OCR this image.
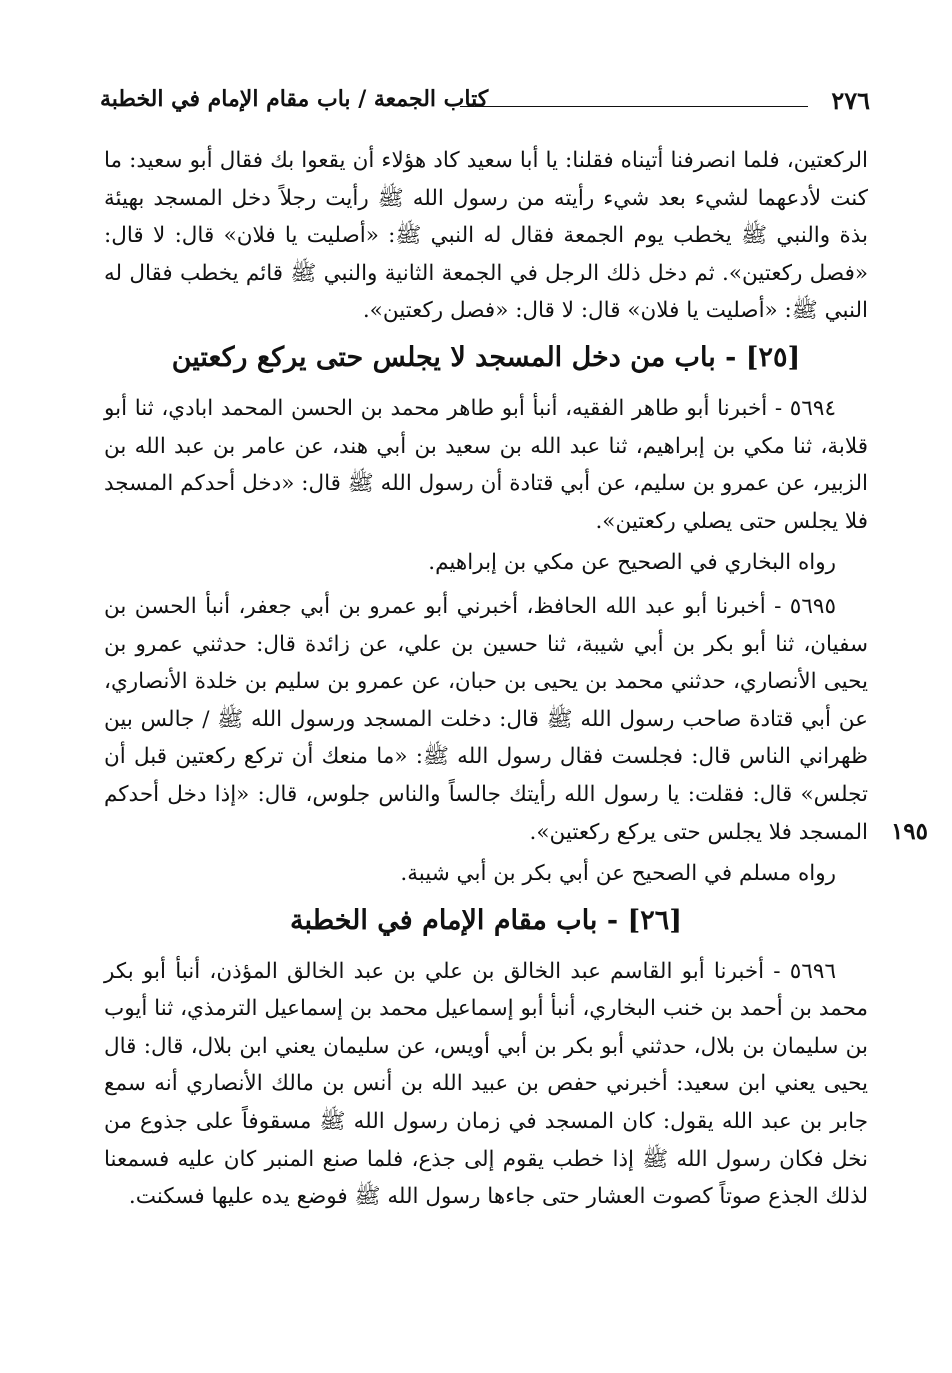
٢٧٦
كتاب الجمعة / باب مقام الإمام في الخطبة
١٩٥

الركعتين، فلما انصرفنا أتيناه فقلنا: يا أبا سعيد كاد هؤلاء أن يقعوا بك فقال أبو سعيد: ما كنت لأدعهما لشيء بعد شيء رأيته من رسول الله ﷺ رأيت رجلاً دخل المسجد بهيئة بذة والنبي ﷺ يخطب يوم الجمعة فقال له النبي ﷺ: «أصليت يا فلان» قال: لا قال: «فصل ركعتين». ثم دخل ذلك الرجل في الجمعة الثانية والنبي ﷺ قائم يخطب فقال له النبي ﷺ: «أصليت يا فلان» قال: لا قال: «فصل ركعتين».

[٢٥] - باب من دخل المسجد لا يجلس حتى يركع ركعتين

٥٦٩٤ - أخبرنا أبو طاهر الفقيه، أنبأ أبو طاهر محمد بن الحسن المحمد ابادي، ثنا أبو قلابة، ثنا مكي بن إبراهيم، ثنا عبد الله بن سعيد بن أبي هند، عن عامر بن عبد الله بن الزبير، عن عمرو بن سليم، عن أبي قتادة أن رسول الله ﷺ قال: «دخل أحدكم المسجد فلا يجلس حتى يصلي ركعتين».

رواه البخاري في الصحيح عن مكي بن إبراهيم.

٥٦٩٥ - أخبرنا أبو عبد الله الحافظ، أخبرني أبو عمرو بن أبي جعفر، أنبأ الحسن بن سفيان، ثنا أبو بكر بن أبي شيبة، ثنا حسين بن علي، عن زائدة قال: حدثني عمرو بن يحيى الأنصاري، حدثني محمد بن يحيى بن حبان، عن عمرو بن سليم بن خلدة الأنصاري، عن أبي قتادة صاحب رسول الله ﷺ قال: دخلت المسجد ورسول الله ﷺ / جالس بين ظهراني الناس قال: فجلست فقال رسول الله ﷺ: «ما منعك أن تركع ركعتين قبل أن تجلس» قال: فقلت: يا رسول الله رأيتك جالساً والناس جلوس، قال: «إذا دخل أحدكم المسجد فلا يجلس حتى يركع ركعتين».

رواه مسلم في الصحيح عن أبي بكر بن أبي شيبة.

[٢٦] - باب مقام الإمام في الخطبة

٥٦٩٦ - أخبرنا أبو القاسم عبد الخالق بن علي بن عبد الخالق المؤذن، أنبأ أبو بكر محمد بن أحمد بن خنب البخاري، أنبأ أبو إسماعيل محمد بن إسماعيل الترمذي، ثنا أيوب بن سليمان بن بلال، حدثني أبو بكر بن أبي أويس، عن سليمان يعني ابن بلال، قال: قال يحيى يعني ابن سعيد: أخبرني حفص بن عبيد الله بن أنس بن مالك الأنصاري أنه سمع جابر بن عبد الله يقول: كان المسجد في زمان رسول الله ﷺ مسقوفاً على جذوع من نخل فكان رسول الله ﷺ إذا خطب يقوم إلى جذع، فلما صنع المنبر كان عليه فسمعنا لذلك الجذع صوتاً كصوت العشار حتى جاءها رسول الله ﷺ فوضع يده عليها فسكنت.
